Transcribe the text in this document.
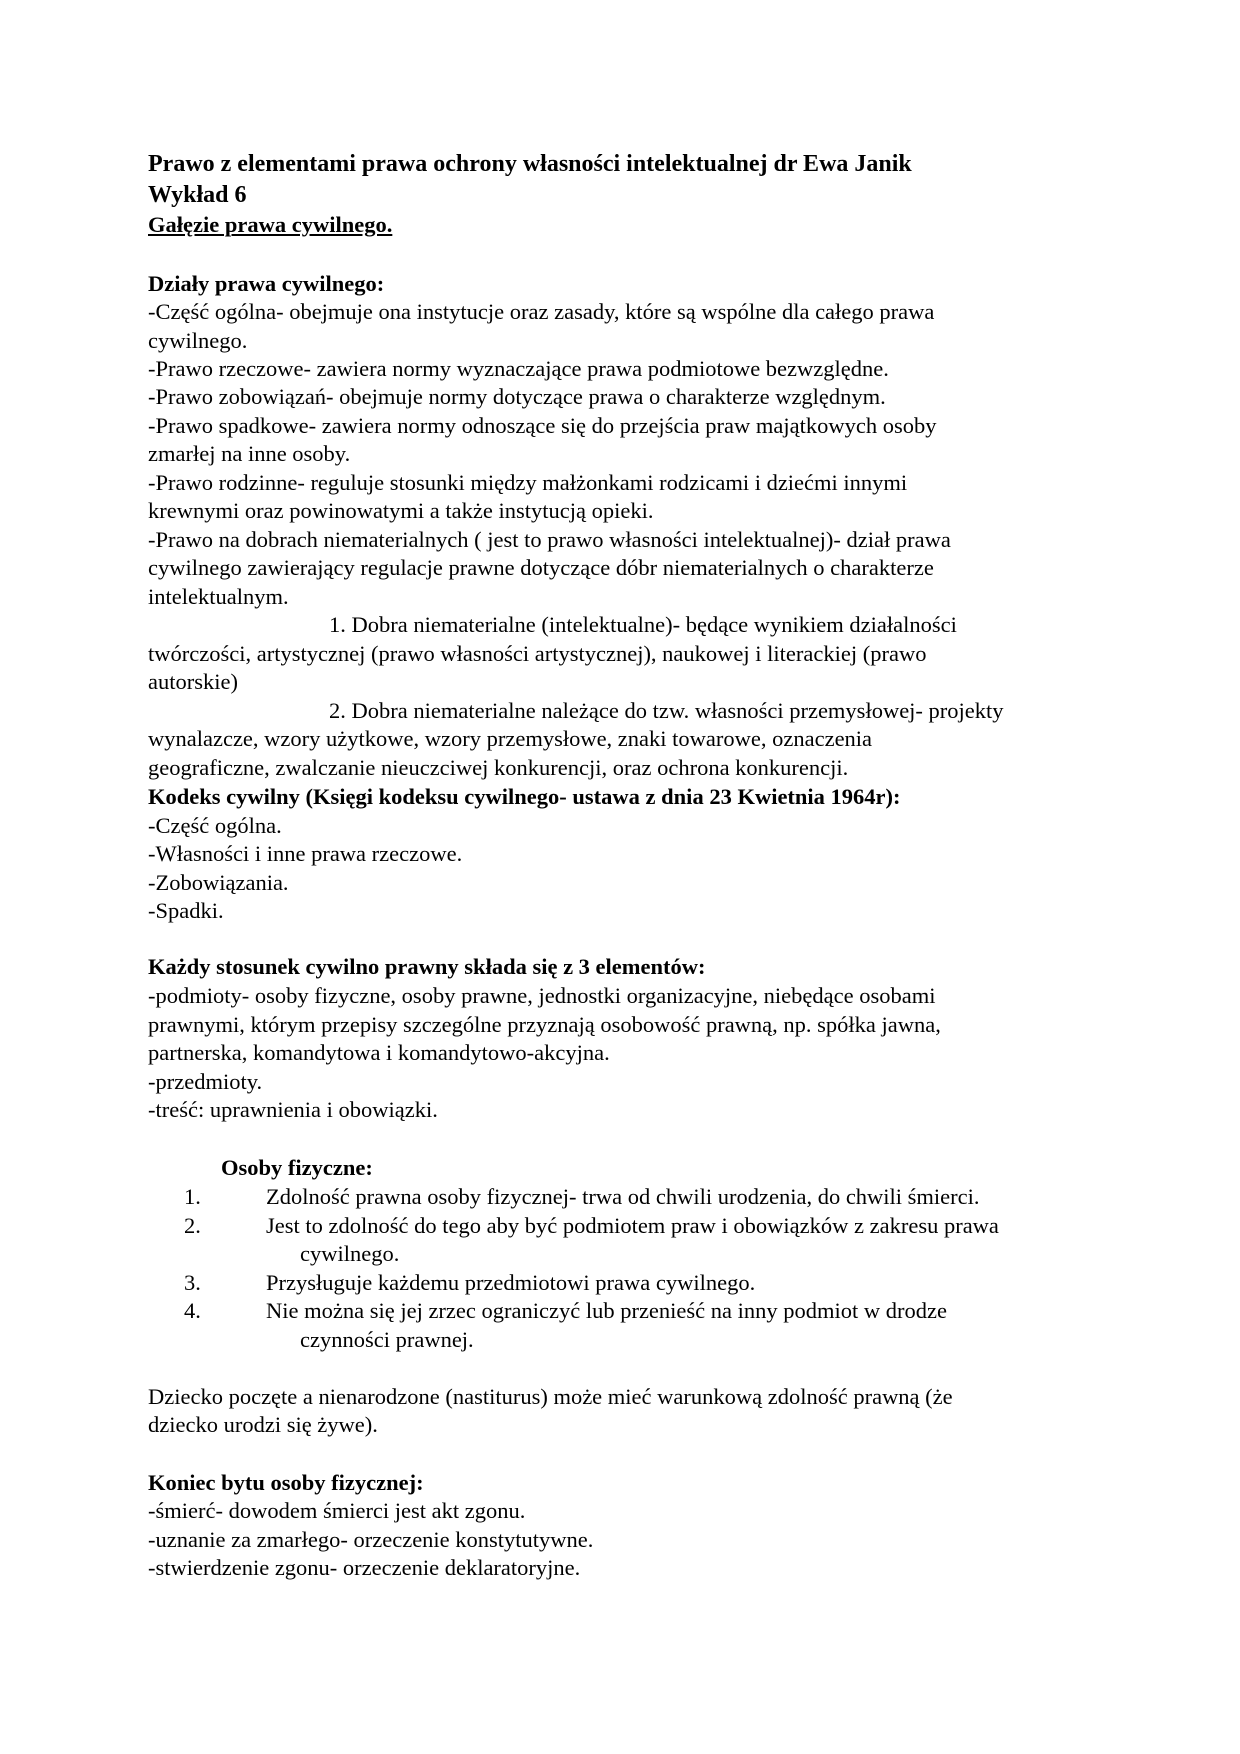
Prawo z elementami prawa ochrony własności intelektualnej dr Ewa Janik
Wykład 6
Gałęzie prawa cywilnego.
Działy prawa cywilnego:
-Część ogólna- obejmuje ona instytucje oraz zasady, które są wspólne dla całego prawa
cywilnego.
-Prawo rzeczowe- zawiera normy wyznaczające prawa podmiotowe bezwzględne.
-Prawo zobowiązań- obejmuje normy dotyczące prawa o charakterze względnym.
-Prawo spadkowe- zawiera normy odnoszące się do przejścia praw majątkowych osoby
zmarłej na inne osoby.
-Prawo rodzinne- reguluje stosunki między małżonkami rodzicami i dziećmi innymi
krewnymi oraz powinowatymi a także instytucją opieki.
-Prawo na dobrach niematerialnych ( jest to prawo własności intelektualnej)- dział prawa
cywilnego zawierający regulacje prawne dotyczące dóbr niematerialnych o charakterze
intelektualnym.
1. Dobra niematerialne (intelektualne)- będące wynikiem działalności
twórczości, artystycznej (prawo własności artystycznej), naukowej i literackiej (prawo
autorskie)
2. Dobra niematerialne należące do tzw. własności przemysłowej- projekty
wynalazcze, wzory użytkowe, wzory przemysłowe, znaki towarowe, oznaczenia
geograficzne, zwalczanie nieuczciwej konkurencji, oraz ochrona konkurencji.
Kodeks cywilny (Księgi kodeksu cywilnego- ustawa z dnia 23 Kwietnia 1964r):
-Część ogólna.
-Własności i inne prawa rzeczowe.
-Zobowiązania.
-Spadki.
Każdy stosunek cywilno prawny składa się z 3 elementów:
-podmioty- osoby fizyczne, osoby prawne, jednostki organizacyjne, niebędące osobami
prawnymi, którym przepisy szczególne przyznają osobowość prawną, np. spółka jawna,
partnerska, komandytowa i komandytowo-akcyjna.
-przedmioty.
-treść: uprawnienia i obowiązki.
Osoby fizyczne:
1.	Zdolność prawna osoby fizycznej- trwa od chwili urodzenia, do chwili śmierci.
2.	Jest to zdolność do tego aby być podmiotem praw i obowiązków z zakresu prawa
cywilnego.
3.	Przysługuje każdemu przedmiotowi prawa cywilnego.
4.	Nie można się jej zrzec ograniczyć lub przenieść na inny podmiot w drodze
czynności prawnej.
Dziecko poczęte a nienarodzone (nastiturus) może mieć warunkową zdolność prawną (że
dziecko urodzi się żywe).
Koniec bytu osoby fizycznej:
-śmierć- dowodem śmierci jest akt zgonu.
-uznanie za zmarłego- orzeczenie konstytutywne.
-stwierdzenie zgonu- orzeczenie deklaratoryjne.
